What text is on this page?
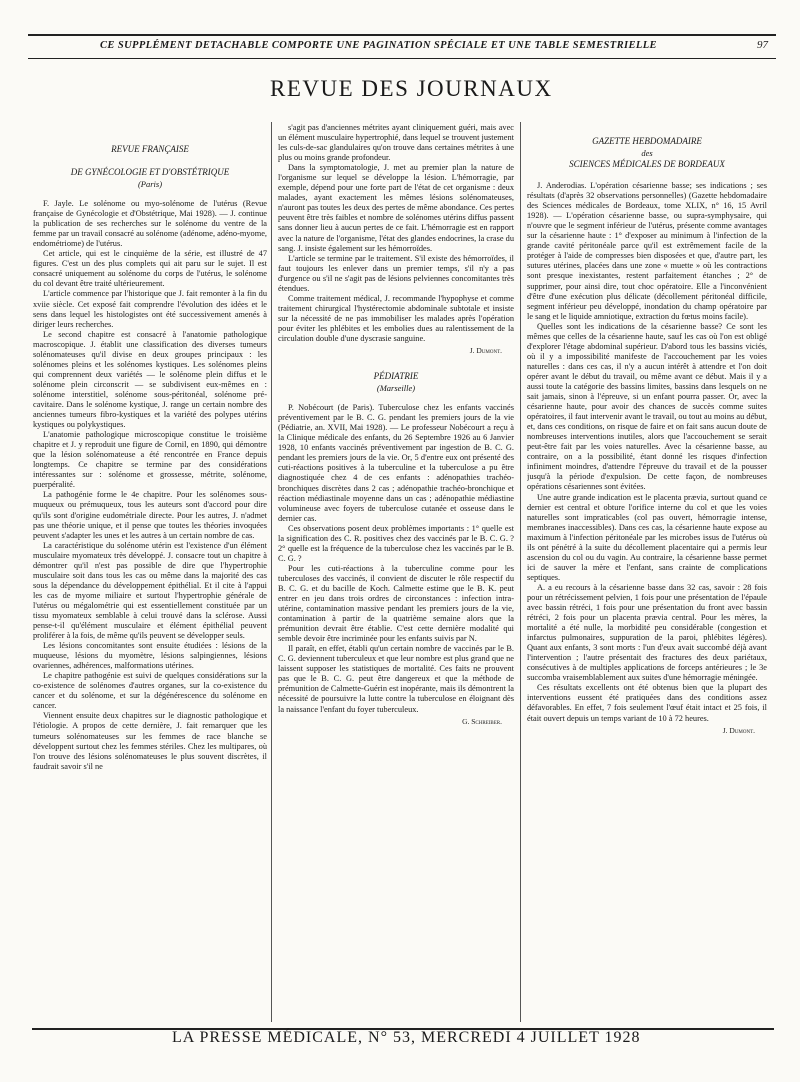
CE SUPPLÉMENT DETACHABLE COMPORTE UNE PAGINATION SPÉCIALE ET UNE TABLE SEMESTRIELLE	97
REVUE DES JOURNAUX

REVUE FRANÇAISE

DE GYNÉCOLOGIE ET D'OBSTÉTRIQUE

(Paris)

F. Jayle. Le solénome ou myo-solénome de l'utérus (Revue française de Gynécologie et d'Obstétrique, Mai 1928). — J. continue la publication de ses recherches sur le solénome du ventre de la femme par un travail consacré au solénome (adénome, adéno-myome, endométriome) de l'utérus.

Cet article, qui est le cinquième de la série, est illustré de 47 figures. C'est un des plus complets qui ait paru sur le sujet. Il est consacré uniquement au solénome du corps de l'utérus, le solénome du col devant être traité ultérieurement.

L'article commence par l'historique que J. fait remonter à la fin du xviie siècle. Cet exposé fait comprendre l'évolution des idées et le sens dans lequel les histologistes ont été successivement amenés à diriger leurs recherches.

Le second chapitre est consacré à l'anatomie pathologique macroscopique. J. établit une classification des diverses tumeurs solénomateuses qu'il divise en deux groupes principaux : les solénomes pleins et les solénomes kystiques. Les solénomes pleins qui comprennent deux variétés — le solénome plein diffus et le solénome plein circonscrit — se subdivisent eux-mêmes en : solénome interstitiel, solénome sous-péritonéal, solénome pré-cavitaire. Dans le solénome kystique, J. range un certain nombre des anciennes tumeurs fibro-kystiques et la variété des polypes utérins kystiques ou polykystiques.

L'anatomie pathologique microscopique constitue le troisième chapitre et J. y reproduit une figure de Cornil, en 1890, qui démontre que la lésion solénomateuse a été rencontrée en France depuis longtemps. Ce chapitre se termine par des considérations intéressantes sur : solénome et grossesse, métrite, solénome, puerpéralité.

La pathogénie forme le 4e chapitre. Pour les solénomes sous-muqueux ou prémuqueux, tous les auteurs sont d'accord pour dire qu'ils sont d'origine eudométriale directe. Pour les autres, J. n'admet pas une théorie unique, et il pense que toutes les théories invoquées peuvent s'adapter les unes et les autres à un certain nombre de cas.

La caractéristique du solénome utérin est l'existence d'un élément musculaire myomateux très développé. J. consacre tout un chapitre à démontrer qu'il n'est pas possible de dire que l'hypertrophie musculaire soit dans tous les cas ou même dans la majorité des cas sous la dépendance du développement épithélial. Et il cite à l'appui les cas de myome miliaire et surtout l'hypertrophie générale de l'utérus ou mégalométrie qui est essentiellement constituée par un tissu myomateux semblable à celui trouvé dans la sclérose. Aussi pense-t-il qu'élément musculaire et élément épithélial peuvent proliférer à la fois, de même qu'ils peuvent se développer seuls.

Les lésions concomitantes sont ensuite étudiées : lésions de la muqueuse, lésions du myomètre, lésions salpingiennes, lésions ovariennes, adhérences, malformations utérines.

Le chapitre pathogénie est suivi de quelques considérations sur la co-existence de solénomes d'autres organes, sur la co-existence du cancer et du solénome, et sur la dégénérescence du solénome en cancer.

Viennent ensuite deux chapitres sur le diagnostic pathologique et l'étiologie. A propos de cette dernière, J. fait remarquer que les tumeurs solénomateuses sur les femmes de race blanche se développent surtout chez les femmes stériles. Chez les multipares, où l'on trouve des lésions solénomateuses le plus souvent discrètes, il faudrait savoir s'il ne

s'agit pas d'anciennes métrites ayant cliniquement guéri, mais avec un élément musculaire hypertrophié, dans lequel se trouvent justement les culs-de-sac glandulaires qu'on trouve dans certaines métrites à une plus ou moins grande profondeur.

Dans la symptomatologie, J. met au premier plan la nature de l'organisme sur lequel se développe la lésion. L'hémorragie, par exemple, dépend pour une forte part de l'état de cet organisme : deux malades, ayant exactement les mêmes lésions solénomateuses, n'auront pas toutes les deux des pertes de même abondance. Ces pertes peuvent être très faibles et nombre de solénomes utérins diffus passent sans donner lieu à aucun pertes de ce fait. L'hémorragie est en rapport avec la nature de l'organisme, l'état des glandes endocrines, la crase du sang. J. insiste également sur les hémorroïdes.

L'article se termine par le traitement. S'il existe des hémorroïdes, il faut toujours les enlever dans un premier temps, s'il n'y a pas d'urgence ou s'il ne s'agit pas de lésions pelviennes concomitantes très étendues.

Comme traitement médical, J. recommande l'hypophyse et comme traitement chirurgical l'hystérectomie abdominale subtotale et insiste sur la nécessité de ne pas immobiliser les malades après l'opération pour éviter les phlébites et les embolies dues au ralentissement de la circulation double d'une dyscrasie sanguine.

J. Dumont.

PÉDIATRIE

(Marseille)

P. Nobécourt (de Paris). Tuberculose chez les enfants vaccinés préventivement par le B. C. G. pendant les premiers jours de la vie (Pédiatrie, an. XVII, Mai 1928). — Le professeur Nobécourt a reçu à la Clinique médicale des enfants, du 26 Septembre 1926 au 6 Janvier 1928, 10 enfants vaccinés préventivement par ingestion de B. C. G. pendant les premiers jours de la vie. Or, 5 d'entre eux ont présenté des cuti-réactions positives à la tuberculine et la tuberculose a pu être diagnostiquée chez 4 de ces enfants : adénopathies trachéo-bronchiques discrètes dans 2 cas ; adénopathie trachéo-bronchique et réaction médiastinale moyenne dans un cas ; adénopathie médiastine volumineuse avec foyers de tuberculose cutanée et osseuse dans le dernier cas.

Ces observations posent deux problèmes importants : 1° quelle est la signification des C. R. positives chez des vaccinés par le B. C. G. ? 2° quelle est la fréquence de la tuberculose chez les vaccinés par le B. C. G. ?

Pour les cuti-réactions à la tuberculine comme pour les tuberculoses des vaccinés, il convient de discuter le rôle respectif du B. C. G. et du bacille de Koch. Calmette estime que le B. K. peut entrer en jeu dans trois ordres de circonstances : infection intra-utérine, contamination massive pendant les premiers jours de la vie, contamination à partir de la quatrième semaine alors que la prémunition devrait être établie. C'est cette dernière modalité qui semble devoir être incriminée pour les enfants suivis par N.

Il paraît, en effet, établi qu'un certain nombre de vaccinés par le B. C. G. deviennent tuberculeux et que leur nombre est plus grand que ne laissent supposer les statistiques de mortalité. Ces faits ne prouvent pas que le B. C. G. peut être dangereux et que la méthode de prémunition de Calmette-Guérin est inopérante, mais ils démontrent la nécessité de poursuivre la lutte contre la tuberculose en éloignant dès la naissance l'enfant du foyer tuberculeux.

G. Schreiber.

GAZETTE HEBDOMADAIRE

des

SCIENCES MÉDICALES DE BORDEAUX

J. Anderodias. L'opération césarienne basse; ses indications ; ses résultats (d'après 32 observations personnelles) (Gazette hebdomadaire des Sciences médicales de Bordeaux, tome XLIX, n° 16, 15 Avril 1928). — L'opération césarienne basse, ou supra-symphysaire, qui n'ouvre que le segment inférieur de l'utérus, présente comme avantages sur la césarienne haute : 1° d'exposer au minimum à l'infection de la grande cavité péritonéale parce qu'il est extrêmement facile de la protéger à l'aide de compresses bien disposées et que, d'autre part, les sutures utérines, placées dans une zone « muette » où les contractions sont presque inexistantes, restent parfaitement étanches ; 2° de supprimer, pour ainsi dire, tout choc opératoire. Elle a l'inconvénient d'être d'une exécution plus délicate (décollement péritonéal difficile, segment inférieur peu développé, inondation du champ opératoire par le sang et le liquide amniotique, extraction du fœtus moins facile).

Quelles sont les indications de la césarienne basse? Ce sont les mêmes que celles de la césarienne haute, sauf les cas où l'on est obligé d'explorer l'étage abdominal supérieur. D'abord tous les bassins viciés, où il y a impossibilité manifeste de l'accouchement par les voies naturelles : dans ces cas, il n'y a aucun intérêt à attendre et l'on doit opérer avant le début du travail, ou même avant ce début. Mais il y a aussi toute la catégorie des bassins limites, bassins dans lesquels on ne sait jamais, sinon à l'épreuve, si un enfant pourra passer. Or, avec la césarienne haute, pour avoir des chances de succès comme suites opératoires, il faut intervenir avant le travail, ou tout au moins au début, et, dans ces conditions, on risque de faire et on fait sans aucun doute de nombreuses interventions inutiles, alors que l'accouchement se serait peut-être fait par les voies naturelles. Avec la césarienne basse, au contraire, on a la possibilité, étant donné les risques d'infection infiniment moindres, d'attendre l'épreuve du travail et de la pousser jusqu'à la période d'expulsion. De cette façon, de nombreuses opérations césariennes sont évitées.

Une autre grande indication est le placenta prævia, surtout quand ce dernier est central et obture l'orifice interne du col et que les voies naturelles sont impraticables (col pas ouvert, hémorragie intense, membranes inaccessibles). Dans ces cas, la césarienne haute expose au maximum à l'infection péritonéale par les microbes issus de l'utérus où ils ont pénétré à la suite du décollement placentaire qui a permis leur ascension du col ou du vagin. Au contraire, la césarienne basse permet ici de sauver la mère et l'enfant, sans crainte de complications septiques.

A. a eu recours à la césarienne basse dans 32 cas, savoir : 28 fois pour un rétrécissement pelvien, 1 fois pour une présentation de l'épaule avec bassin rétréci, 1 fois pour une présentation du front avec bassin rétréci, 2 fois pour un placenta prævia central. Pour les mères, la mortalité a été nulle, la morbidité peu considérable (congestion et infarctus pulmonaires, suppuration de la paroi, phlébites légères). Quant aux enfants, 3 sont morts : l'un d'eux avait succombé déjà avant l'intervention ; l'autre présentait des fractures des deux pariétaux, consécutives à de multiples applications de forceps antérieures ; le 3e succomba vraisemblablement aux suites d'une hémorragie méningée.

Ces résultats excellents ont été obtenus bien que la plupart des interventions eussent été pratiquées dans des conditions assez défavorables. En effet, 7 fois seulement l'œuf était intact et 25 fois, il était ouvert depuis un temps variant de 10 à 72 heures.

J. Dumont.

LA PRESSE MÉDICALE, N° 53, MERCREDI 4 JUILLET 1928
